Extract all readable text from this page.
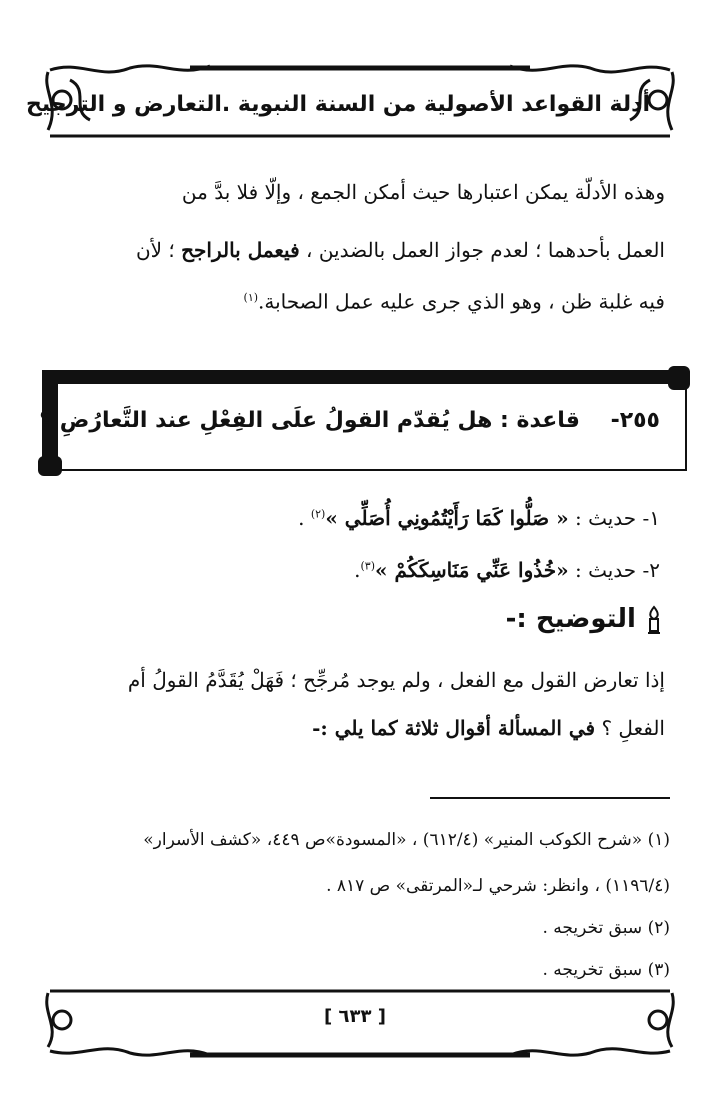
أدلة القواعد الأصولية من السنة النبوية .التعارض و الترجيح
وهذه الأدلّة يمكن اعتبارها حيث أمكن الجمع ، وإلّا فلا بدَّ من
العمل بأحدهما ؛ لعدم جواز العمل بالضدين ، فيعمل بالراجح ؛ لأن
فيه غلبة ظن ، وهو الذي جرى عليه عمل الصحابة.$^{(١)}$
٢٥٥-    قاعدة : هل يُقدّم القولُ علَى الفِعْلِ عند التَّعارُضِ ؟
١- حديث : « صَلُّوا كَمَا رَأَيْتُمُونِي أُصَلِّي »$^{(٢)}$ .
٢- حديث : «خُذُوا عَنِّي مَنَاسِكَكُمْ »$^{(٣)}$.
التوضيح :-
إذا تعارض القول مع الفعل ، ولم يوجد مُرجِّح ؛ فَهَلْ يُقَدَّمُ القولُ أم
الفعلِ ؟ في المسألة أقوال ثلاثة كما يلي :-
(١) «شرح الكوكب المنير» (٦١٢/٤) ، «المسودة»ص ٤٤٩، «كشف الأسرار»
(١١٩٦/٤) ، وانظر: شرحي لـ«المرتقى» ص ٨١٧ .
(٢) سبق تخريجه .
(٣) سبق تخريجه .
[ ٦٣٣ ]
